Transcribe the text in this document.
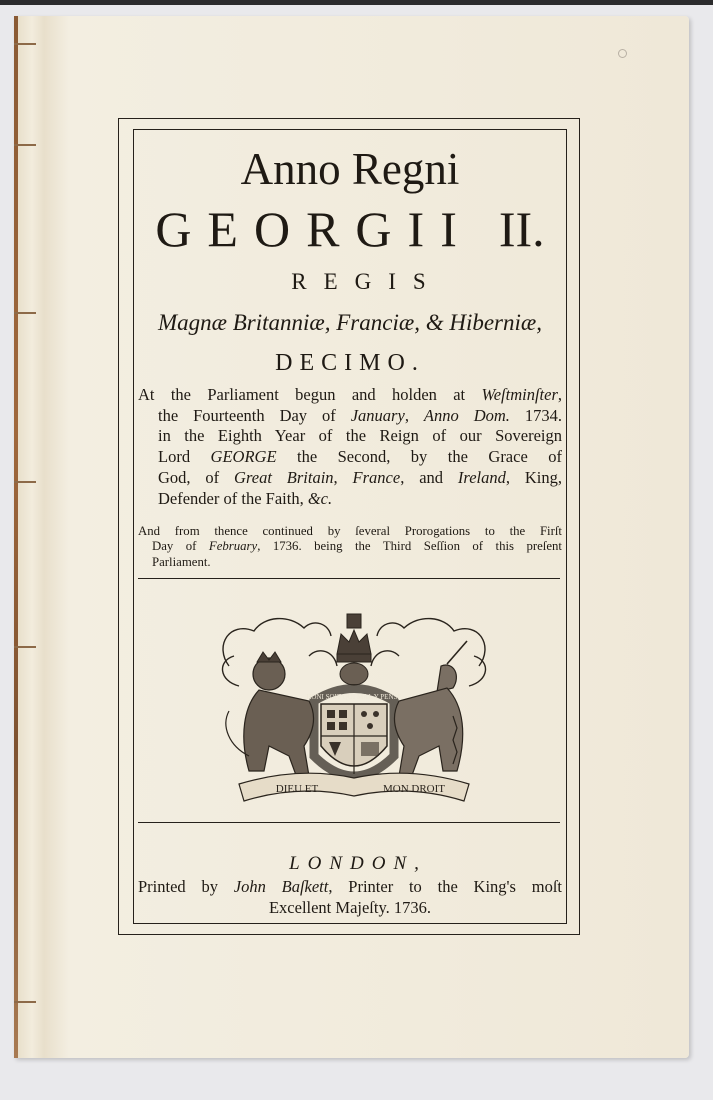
Anno Regni
GEORGII II.
REGIS
Magnæ Britanniæ, Franciæ, & Hiberniæ,
DECIMO.
At the Parliament begun and holden at Weſtminſter,
the Fourteenth Day of January, Anno Dom. 1734.
in the Eighth Year of the Reign of our Sovereign
Lord GEORGE the Second, by the Grace of
God, of Great Britain, France, and Ireland, King,
Defender of the Faith, &c.
And from thence continued by ſeveral Prorogations to the Firſt
Day of February, 1736. being the Third Seſſion of this preſent
Parliament.
HONI SOIT QUI MAL Y PENSE
DIEU ET	MON DROIT
LONDON,
Printed by John Baſkett, Printer to the King's moſt
Excellent Majeſty. 1736.
